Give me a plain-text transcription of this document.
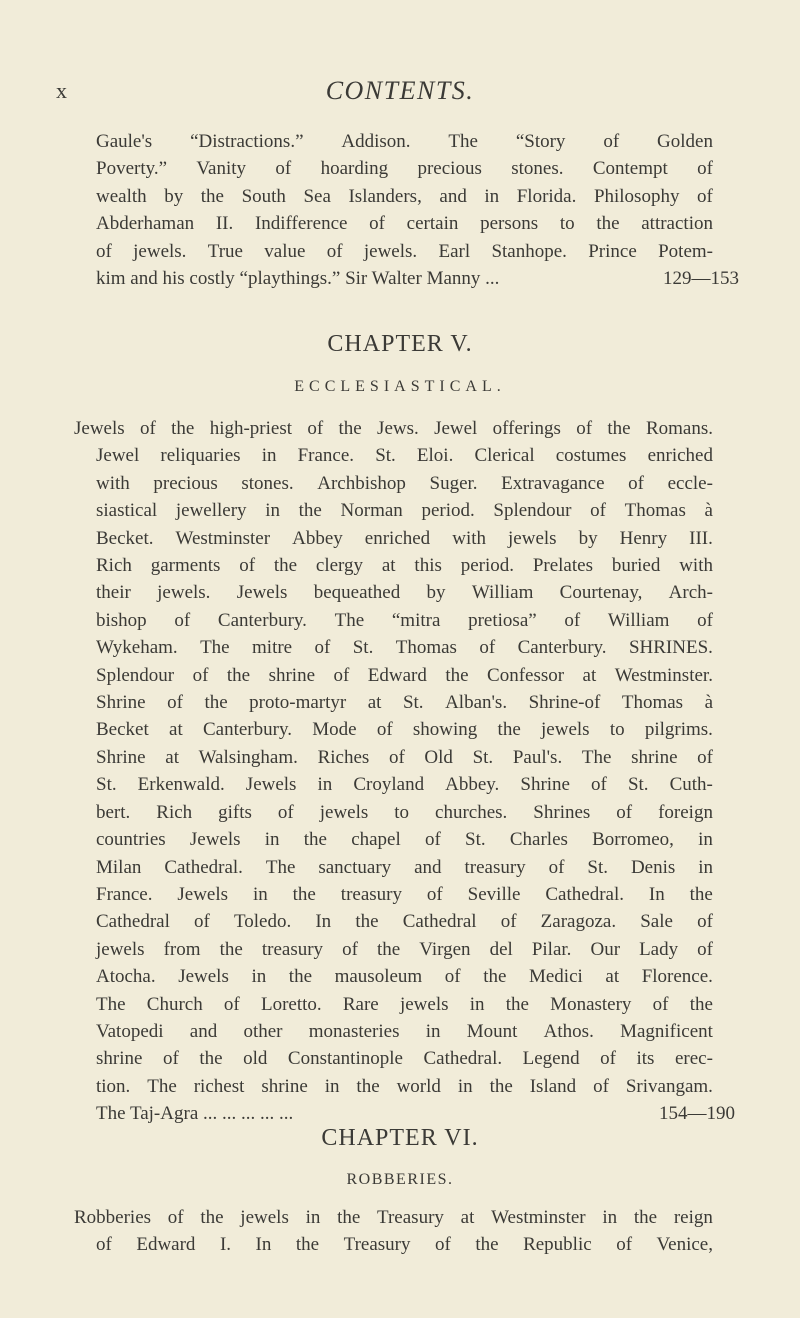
x	CONTENTS.
Gaule's “Distractions.” Addison. The “Story of Golden
Poverty.” Vanity of hoarding precious stones. Contempt of
wealth by the South Sea Islanders, and in Florida. Philosophy of
Abderhaman II. Indifference of certain persons to the attraction
of jewels. True value of jewels. Earl Stanhope. Prince Potem-
kim and his costly “playthings.” Sir Walter Manny ...	129—153
CHAPTER V.
ECCLESIASTICAL.
Jewels of the high-priest of the Jews. Jewel offerings of the Romans.
Jewel reliquaries in France. St. Eloi. Clerical costumes enriched
with precious stones. Archbishop Suger. Extravagance of eccle-
siastical jewellery in the Norman period. Splendour of Thomas à
Becket. Westminster Abbey enriched with jewels by Henry III.
Rich garments of the clergy at this period. Prelates buried with
their jewels. Jewels bequeathed by William Courtenay, Arch-
bishop of Canterbury. The “mitra pretiosa” of William of
Wykeham. The mitre of St. Thomas of Canterbury. SHRINES.
Splendour of the shrine of Edward the Confessor at Westminster.
Shrine of the proto-martyr at St. Alban's. Shrine-of Thomas à
Becket at Canterbury. Mode of showing the jewels to pilgrims.
Shrine at Walsingham. Riches of Old St. Paul's. The shrine of
St. Erkenwald. Jewels in Croyland Abbey. Shrine of St. Cuth-
bert. Rich gifts of jewels to churches. Shrines of foreign
countries Jewels in the chapel of St. Charles Borromeo, in
Milan Cathedral. The sanctuary and treasury of St. Denis in
France. Jewels in the treasury of Seville Cathedral. In the
Cathedral of Toledo. In the Cathedral of Zaragoza. Sale of
jewels from the treasury of the Virgen del Pilar. Our Lady of
Atocha. Jewels in the mausoleum of the Medici at Florence.
The Church of Loretto. Rare jewels in the Monastery of the
Vatopedi and other monasteries in Mount Athos. Magnificent
shrine of the old Constantinople Cathedral. Legend of its erec-
tion. The richest shrine in the world in the Island of Srivangam.
The Taj-Agra ... ... ... ... ...	154—190
CHAPTER VI.
ROBBERIES.
Robberies of the jewels in the Treasury at Westminster in the reign
of Edward I. In the Treasury of the Republic of Venice,
